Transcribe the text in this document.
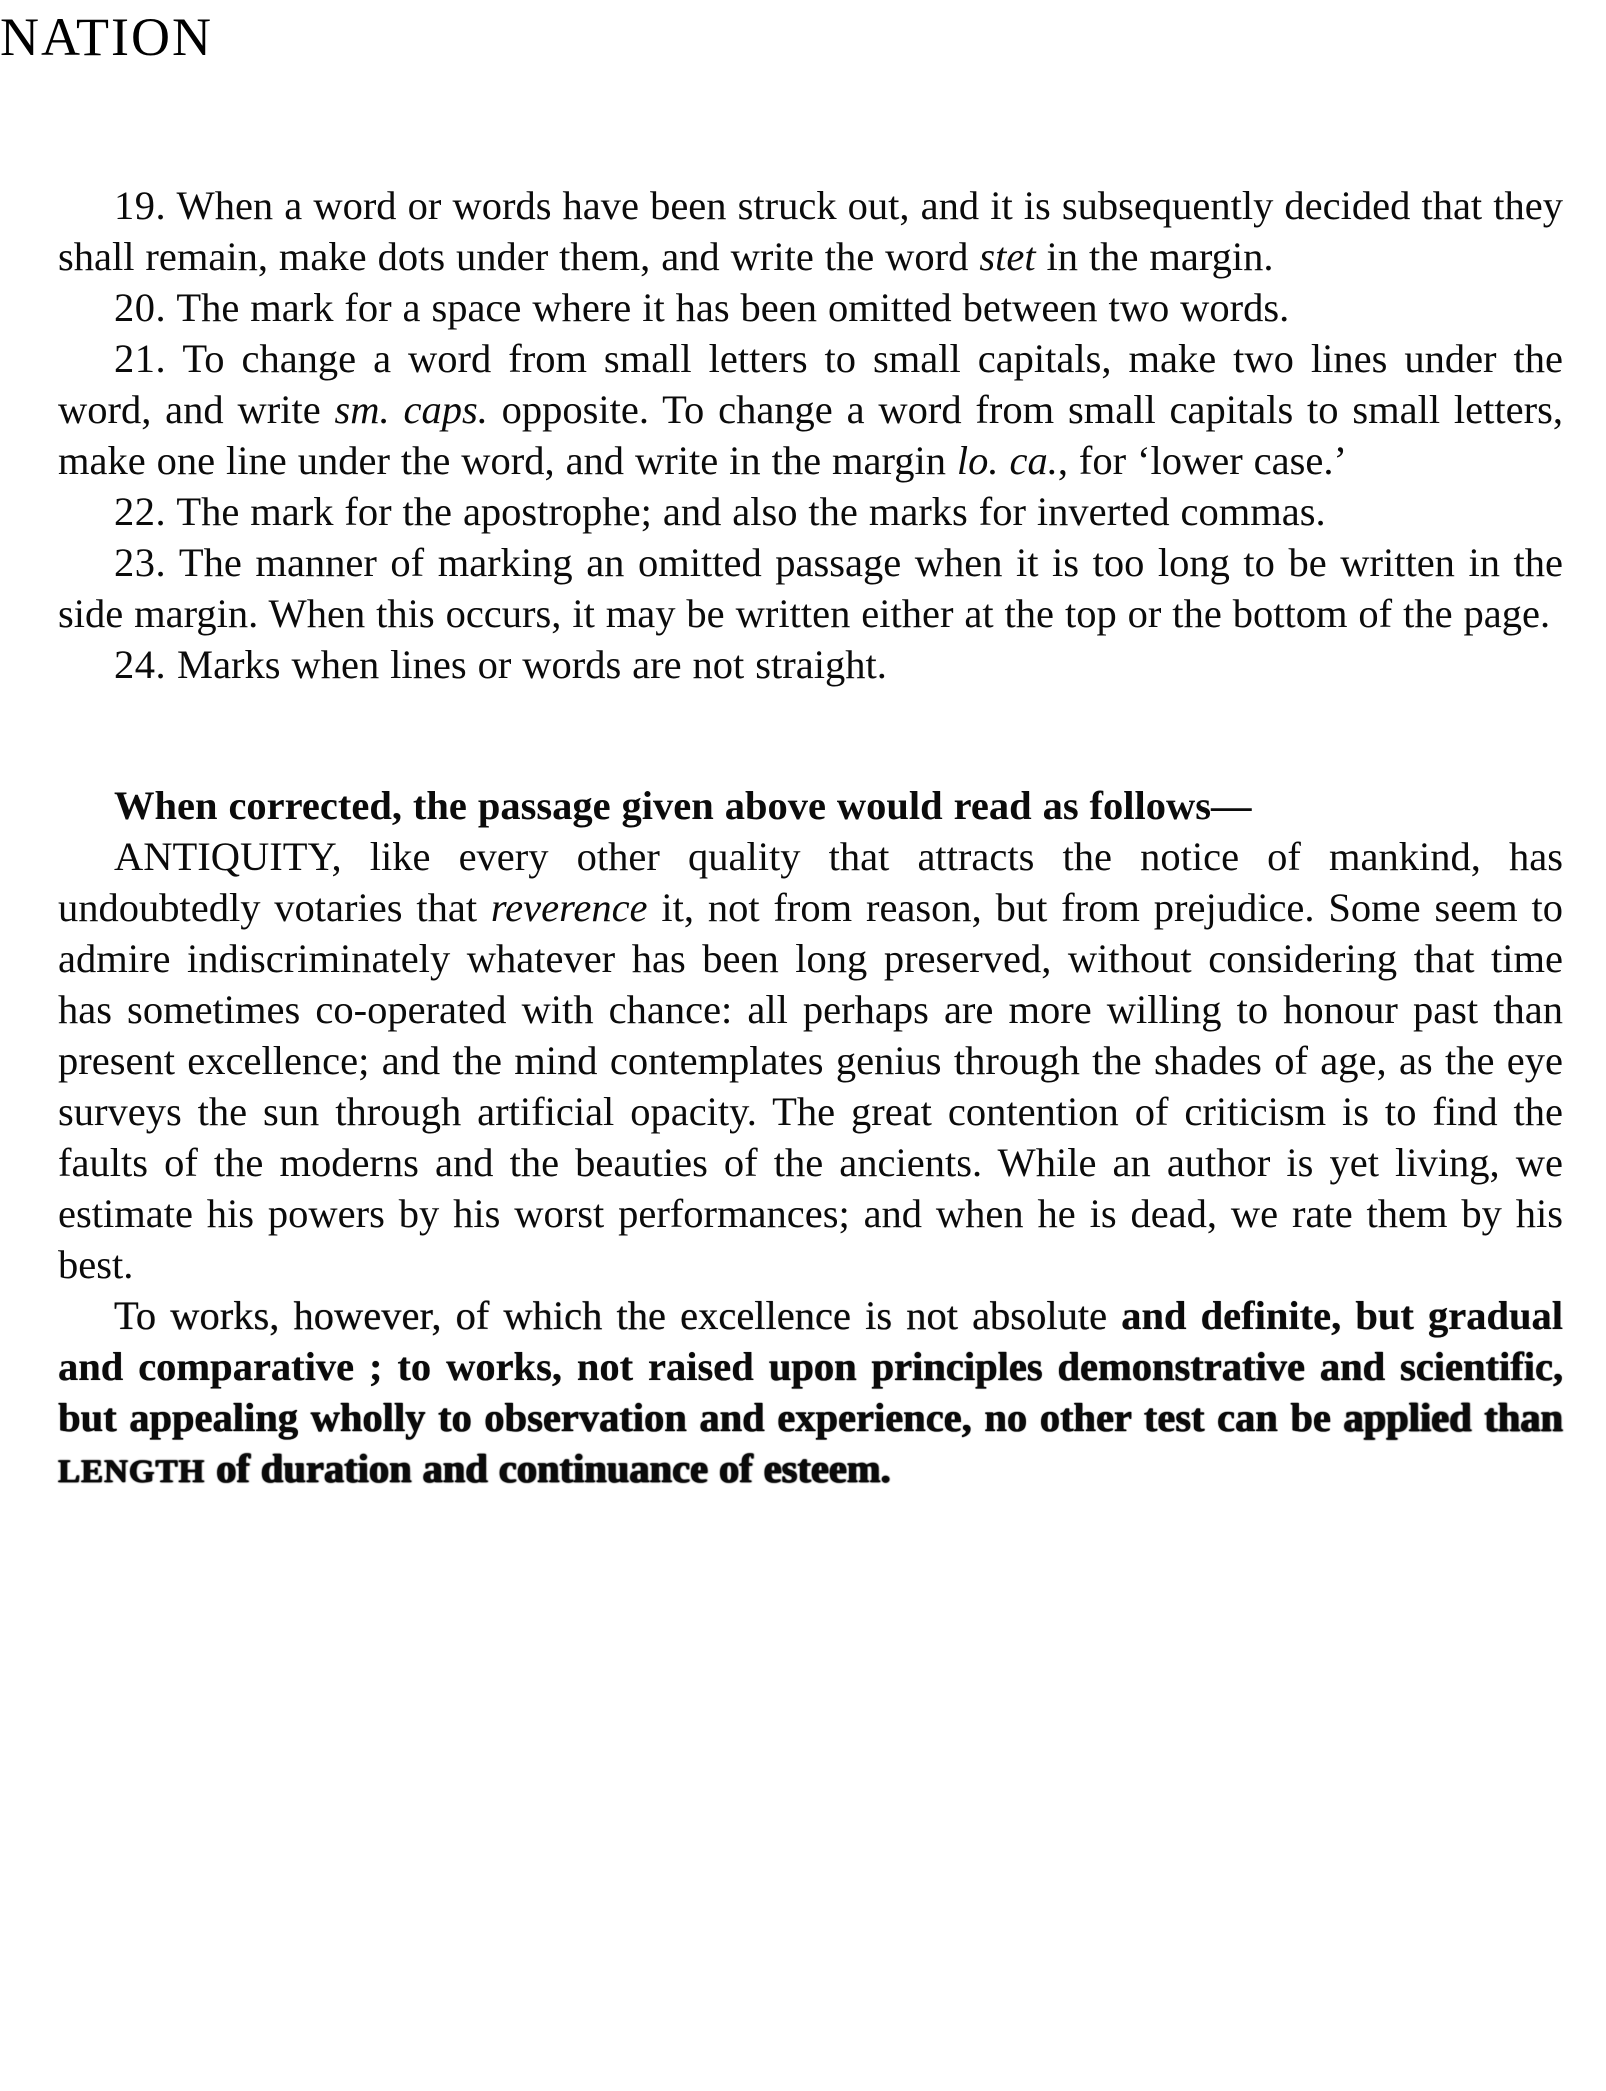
NATION

19. When a word or words have been struck out, and it is subsequently decided that they shall remain, make dots under them, and write the word stet in the margin.

20. The mark for a space where it has been omitted between two words.

21. To change a word from small letters to small capitals, make two lines under the word, and write sm. caps. opposite. To change a word from small capitals to small letters, make one line under the word, and write in the margin lo. ca., for ‘lower case.’

22. The mark for the apostrophe; and also the marks for inverted commas.

23. The manner of marking an omitted passage when it is too long to be written in the side margin. When this occurs, it may be written either at the top or the bottom of the page.

24. Marks when lines or words are not straight.

When corrected, the passage given above would read as follows—

ANTIQUITY, like every other quality that attracts the notice of mankind, has undoubtedly votaries that reverence it, not from reason, but from prejudice. Some seem to admire indiscriminately whatever has been long preserved, without considering that time has sometimes co-operated with chance: all perhaps are more willing to honour past than present excellence; and the mind contemplates genius through the shades of age, as the eye surveys the sun through artificial opacity. The great contention of criticism is to find the faults of the moderns and the beauties of the ancients. While an author is yet living, we estimate his powers by his worst performances; and when he is dead, we rate them by his best.

To works, however, of which the excellence is not absolute and definite, but gradual and comparative ; to works, not raised upon principles demonstrative and scientific, but appealing wholly to observation and experience, no other test can be applied than LENGTH of duration and continuance of esteem.
